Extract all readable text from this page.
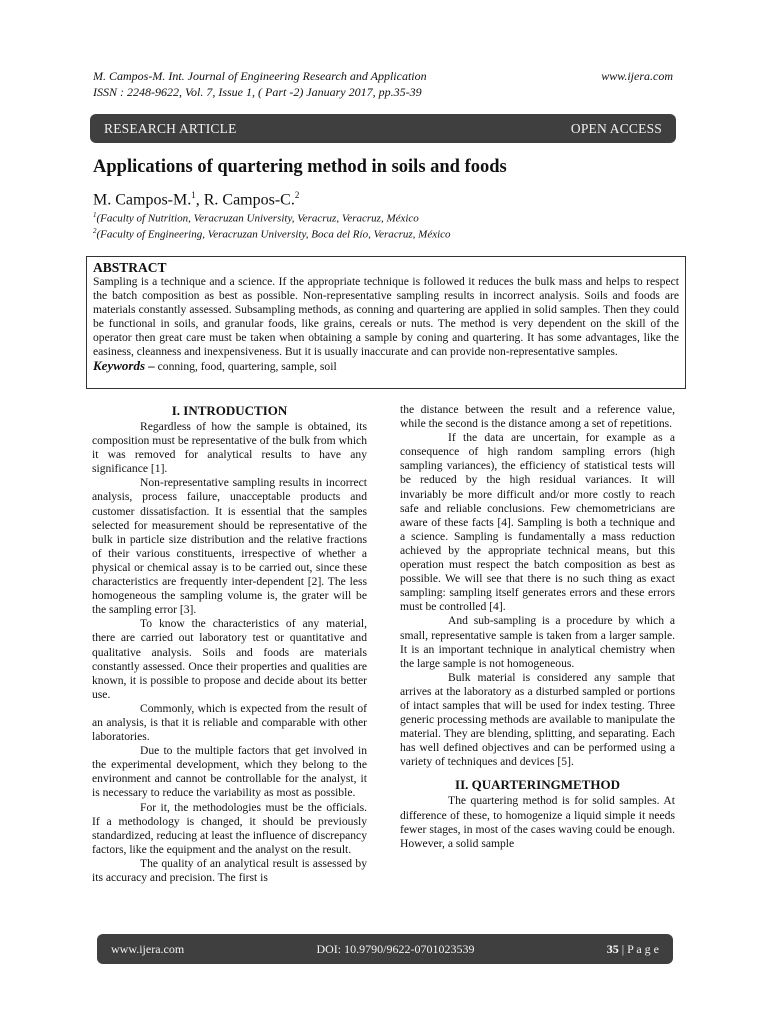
M. Campos-M. Int. Journal of Engineering Research and Application	www.ijera.com
ISSN : 2248-9622, Vol. 7, Issue 1, ( Part -2) January 2017, pp.35-39
RESEARCH ARTICLE	OPEN ACCESS
Applications of quartering method in soils and foods
M. Campos-M.$^1$, R. Campos-C.$^2$
$^1$(Faculty of Nutrition, Veracruzan University, Veracruz, Veracruz, México
$^2$(Faculty of Engineering, Veracruzan University, Boca del Río, Veracruz, México
ABSTRACT
Sampling is a technique and a science. If the appropriate technique is followed it reduces the bulk mass and helps to respect the batch composition as best as possible. Non-representative sampling results in incorrect analysis. Soils and foods are materials constantly assessed. Subsampling methods, as conning and quartering are applied in solid samples. Then they could be functional in soils, and granular foods, like grains, cereals or nuts. The method is very dependent on the skill of the operator then great care must be taken when obtaining a sample by coning and quartering. It has some advantages, like the easiness, cleanness and inexpensiveness. But it is usually inaccurate and can provide non-representative samples.
Keywords – conning, food, quartering, sample, soil
I. INTRODUCTION

Regardless of how the sample is obtained, its composition must be representative of the bulk from which it was removed for analytical results to have any significance [1].

Non-representative sampling results in incorrect analysis, process failure, unacceptable products and customer dissatisfaction. It is essential that the samples selected for measurement should be representative of the bulk in particle size distribution and the relative fractions of their various constituents, irrespective of whether a physical or chemical assay is to be carried out, since these characteristics are frequently inter-dependent [2]. The less homogeneous the sampling volume is, the grater will be the sampling error [3].

To know the characteristics of any material, there are carried out laboratory test or quantitative and qualitative analysis. Soils and foods are materials constantly assessed. Once their properties and qualities are known, it is possible to propose and decide about its better use.

Commonly, which is expected from the result of an analysis, is that it is reliable and comparable with other laboratories.

Due to the multiple factors that get involved in the experimental development, which they belong to the environment and cannot be controllable for the analyst, it is necessary to reduce the variability as most as possible.

For it, the methodologies must be the officials. If a methodology is changed, it should be previously standardized, reducing at least the influence of discrepancy factors, like the equipment and the analyst on the result.

The quality of an analytical result is assessed by its accuracy and precision. The first is

the distance between the result and a reference value, while the second is the distance among a set of repetitions.

If the data are uncertain, for example as a consequence of high random sampling errors (high sampling variances), the efficiency of statistical tests will be reduced by the high residual variances. It will invariably be more difficult and/or more costly to reach safe and reliable conclusions. Few chemometricians are aware of these facts [4]. Sampling is both a technique and a science. Sampling is fundamentally a mass reduction achieved by the appropriate technical means, but this operation must respect the batch composition as best as possible. We will see that there is no such thing as exact sampling: sampling itself generates errors and these errors must be controlled [4].

And sub-sampling is a procedure by which a small, representative sample is taken from a larger sample. It is an important technique in analytical chemistry when the large sample is not homogeneous.

Bulk material is considered any sample that arrives at the laboratory as a disturbed sampled or portions of intact samples that will be used for index testing. Three generic processing methods are available to manipulate the material. They are blending, splitting, and separating. Each has well defined objectives and can be performed using a variety of techniques and devices [5].

II. QUARTERINGMETHOD

The quartering method is for solid samples. At difference of these, to homogenize a liquid simple it needs fewer stages, in most of the cases waving could be enough. However, a solid sample

www.ijera.com	DOI: 10.9790/9622-0701023539	35 | P a g e
